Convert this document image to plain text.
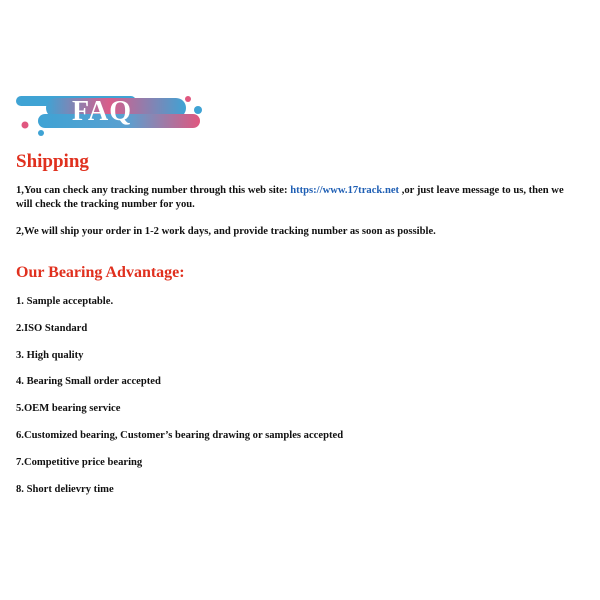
FAQ
Shipping

1,You can check any tracking number through this web site: https://www.17track.net ,or just leave message to us, then we will check the tracking number for you.

2,We will ship your order in 1-2 work days, and provide tracking number as soon as possible.

Our Bearing Advantage:
1. Sample acceptable.
2.ISO Standard
3. High quality
4. Bearing Small order accepted
5.OEM bearing service
6.Customized bearing, Customer’s bearing drawing or samples accepted
7.Competitive price bearing
8. Short delievry time
